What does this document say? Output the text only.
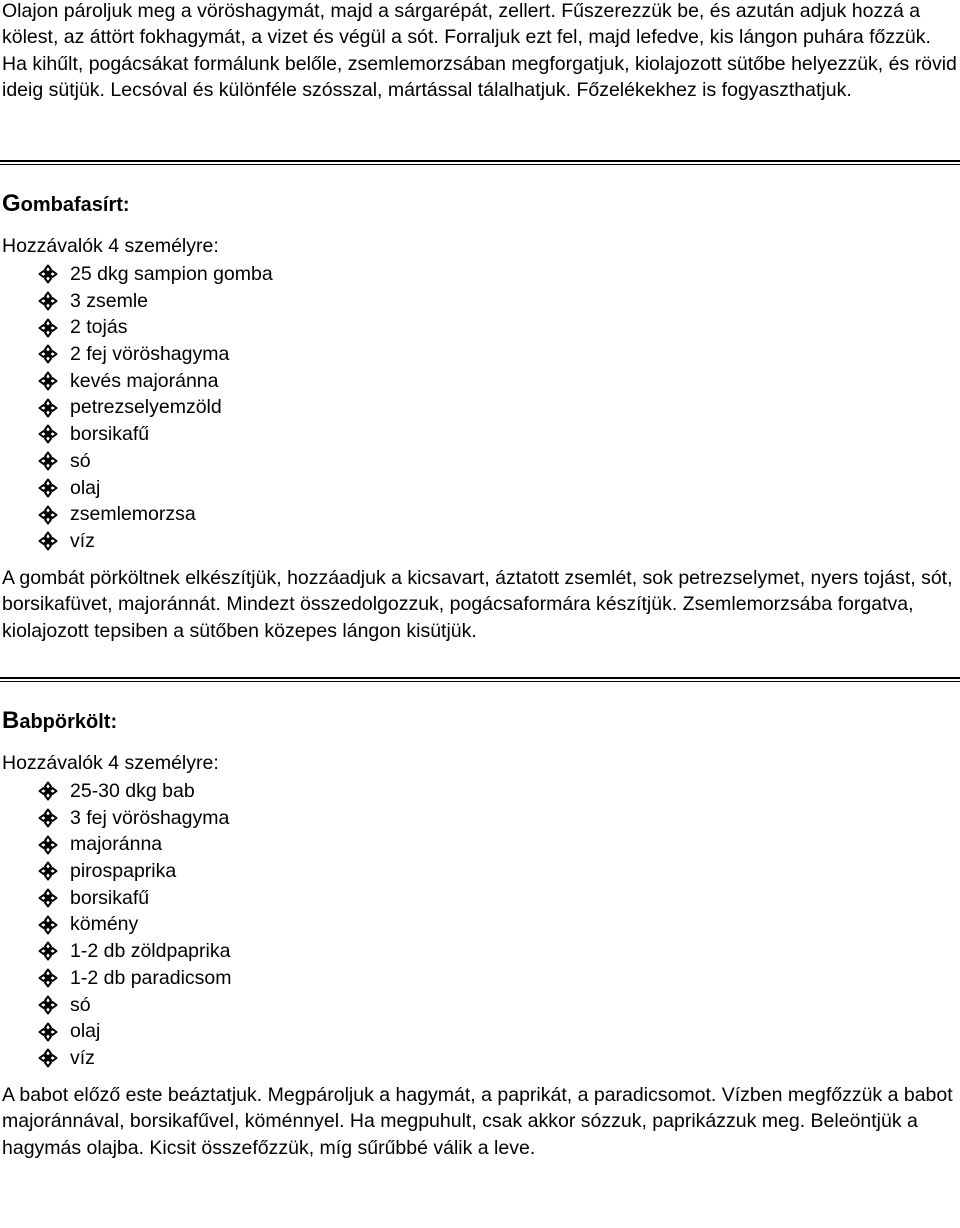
Olajon pároljuk meg a vöröshagymát, majd a sárgarépát, zellert. Fűszerezzük be, és azután adjuk hozzá a kölest, az áttört fokhagymát, a vizet és végül a sót. Forraljuk ezt fel, majd lefedve, kis lángon puhára főzzük. Ha kihűlt, pogácsákat formálunk belőle, zsemlemorzsában megforgatjuk, kiolajozott sütőbe helyezzük, és rövid ideig sütjük. Lecsóval és különféle szósszal, mártással tálalhatjuk. Főzelékekhez is fogyaszthatjuk.

Gombafasírt:

Hozzávalók 4 személyre:

25 dkg sampion gomba
3 zsemle
2 tojás
2 fej vöröshagyma
kevés majoránna
petrezselyemzöld
borsikafű
só
olaj
zsemlemorzsa
víz

A gombát pörköltnek elkészítjük, hozzáadjuk a kicsavart, áztatott zsemlét, sok petrezselymet, nyers tojást, sót, borsikafüvet, majoránnát. Mindezt összedolgozzuk, pogácsaformára készítjük. Zsemlemorzsába forgatva, kiolajozott tepsiben a sütőben közepes lángon kisütjük.

Babpörkölt:

Hozzávalók 4 személyre:

25-30 dkg bab
3 fej vöröshagyma
majoránna
pirospaprika
borsikafű
kömény
1-2 db zöldpaprika
1-2 db paradicsom
só
olaj
víz

A babot előző este beáztatjuk. Megpároljuk a hagymát, a paprikát, a paradicsomot. Vízben megfőzzük a babot majoránnával, borsikafűvel, köménnyel. Ha megpuhult, csak akkor sózzuk, paprikázzuk meg. Beleöntjük a hagymás olajba. Kicsit összefőzzük, míg sűrűbbé válik a leve.
